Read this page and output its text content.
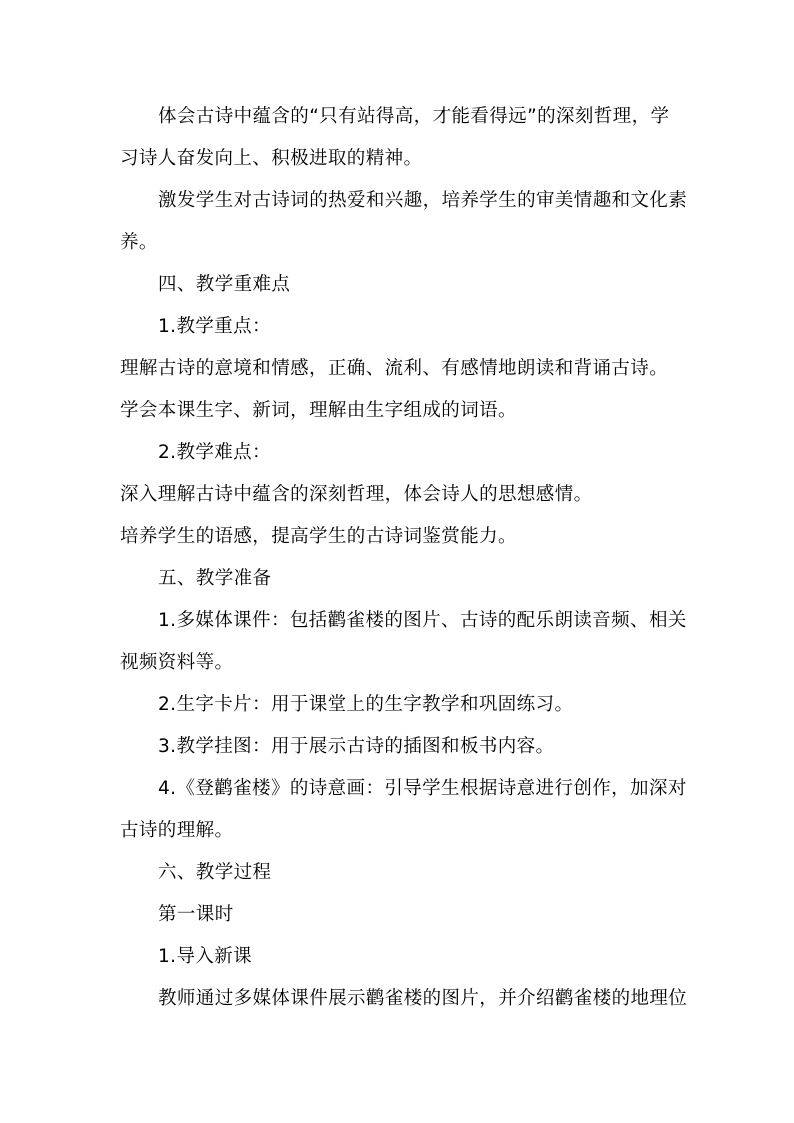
体会古诗中蕴含的“只有站得高，才能看得远”的深刻哲理，学

习诗人奋发向上、积极进取的精神。

激发学生对古诗词的热爱和兴趣，培养学生的审美情趣和文化素

养。

四、教学重难点

1.教学重点：

理解古诗的意境和情感，正确、流利、有感情地朗读和背诵古诗。

学会本课生字、新词，理解由生字组成的词语。

2.教学难点：

深入理解古诗中蕴含的深刻哲理，体会诗人的思想感情。

培养学生的语感，提高学生的古诗词鉴赏能力。

五、教学准备

1.多媒体课件：包括鹳雀楼的图片、古诗的配乐朗读音频、相关

视频资料等。

2.生字卡片：用于课堂上的生字教学和巩固练习。

3.教学挂图：用于展示古诗的插图和板书内容。

4.《登鹳雀楼》的诗意画：引导学生根据诗意进行创作，加深对

古诗的理解。

六、教学过程

第一课时

1.导入新课

教师通过多媒体课件展示鹳雀楼的图片，并介绍鹳雀楼的地理位
